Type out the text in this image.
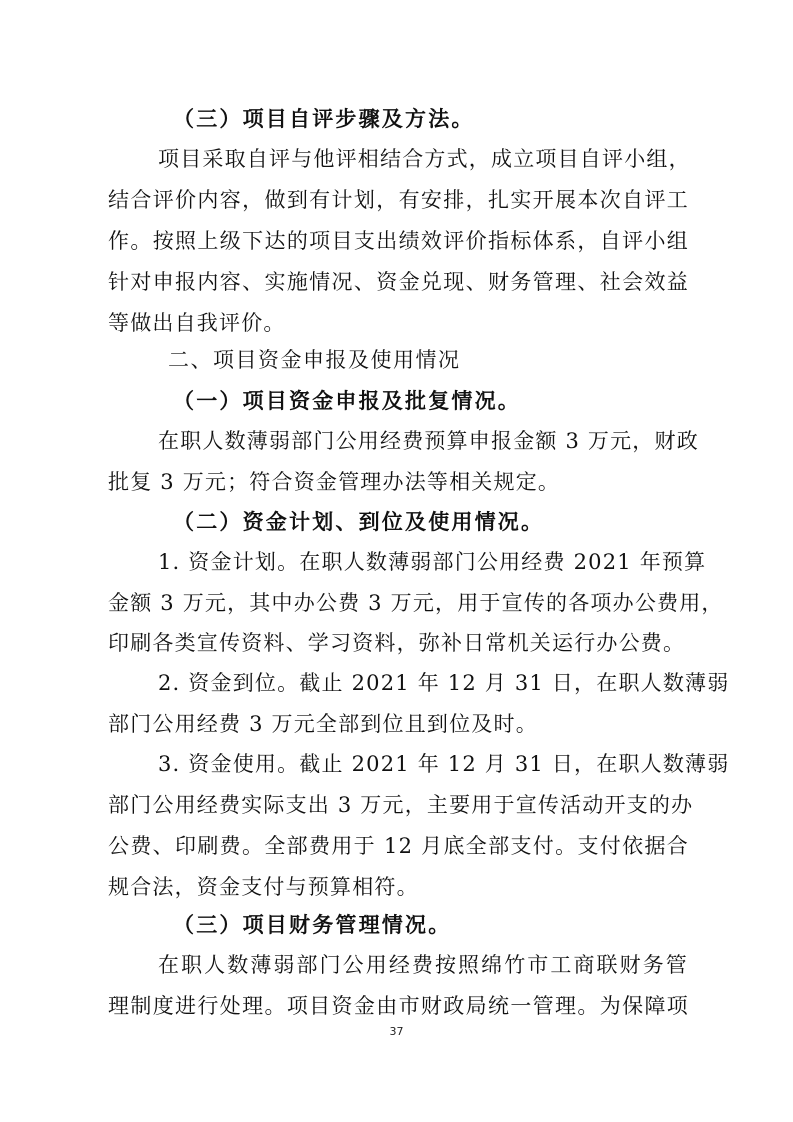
（三）项目自评步骤及方法。
项目采取自评与他评相结合方式，成立项目自评小组，
结合评价内容，做到有计划，有安排，扎实开展本次自评工
作。按照上级下达的项目支出绩效评价指标体系，自评小组
针对申报内容、实施情况、资金兑现、财务管理、社会效益
等做出自我评价。
二、项目资金申报及使用情况
（一）项目资金申报及批复情况。
在职人数薄弱部门公用经费预算申报金额 3 万元，财政
批复 3 万元；符合资金管理办法等相关规定。
（二）资金计划、到位及使用情况。
1. 资金计划。在职人数薄弱部门公用经费 2021 年预算
金额 3 万元，其中办公费 3 万元，用于宣传的各项办公费用，
印刷各类宣传资料、学习资料，弥补日常机关运行办公费。
2. 资金到位。截止 2021 年 12 月 31 日，在职人数薄弱
部门公用经费 3 万元全部到位且到位及时。
3. 资金使用。截止 2021 年 12 月 31 日，在职人数薄弱
部门公用经费实际支出 3 万元，主要用于宣传活动开支的办
公费、印刷费。全部费用于 12 月底全部支付。支付依据合
规合法，资金支付与预算相符。
（三）项目财务管理情况。
在职人数薄弱部门公用经费按照绵竹市工商联财务管
理制度进行处理。项目资金由市财政局统一管理。为保障项
37
